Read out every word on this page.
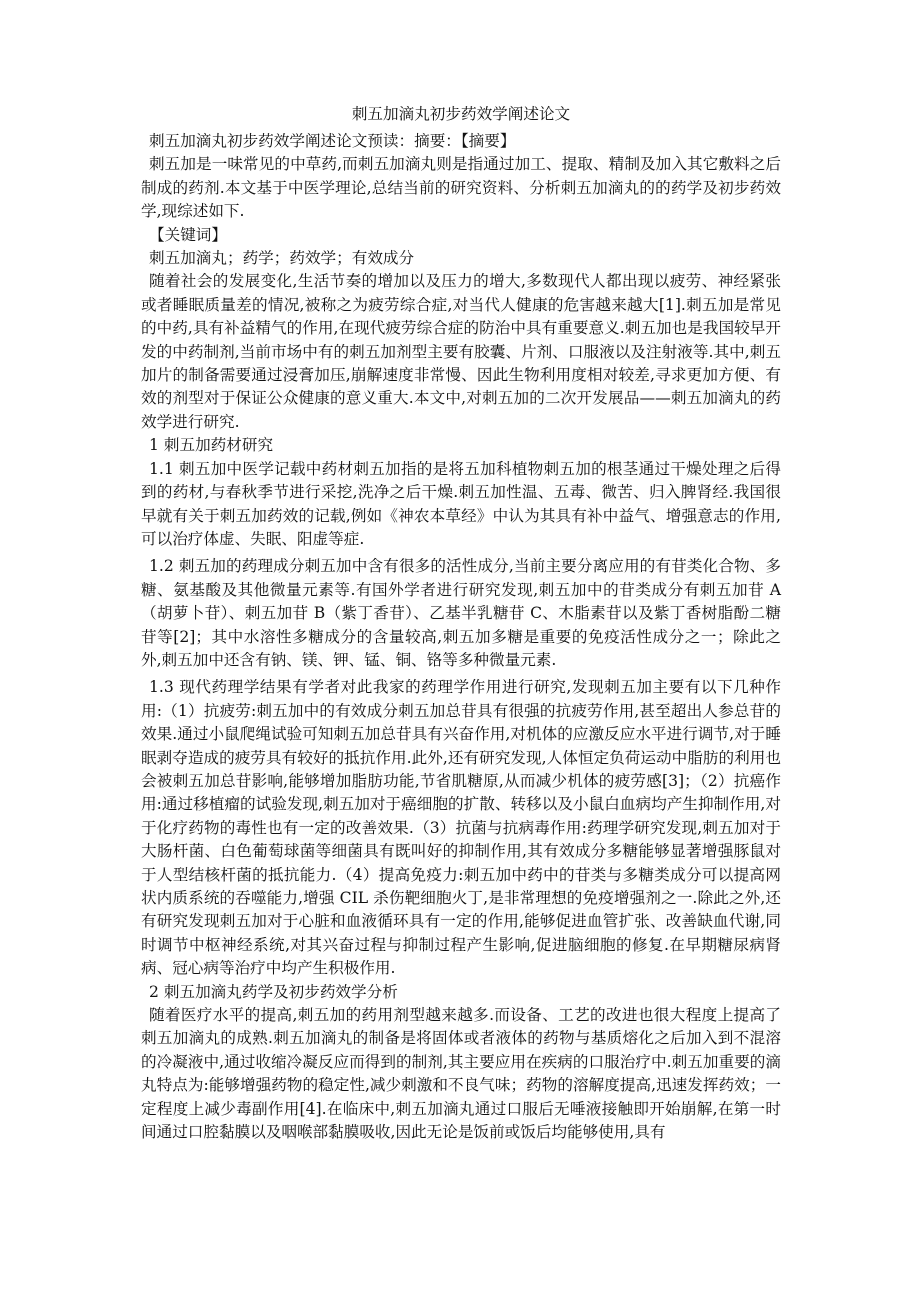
刺五加滴丸初步药效学阐述论文

刺五加滴丸初步药效学阐述论文预读：摘要：【摘要】

刺五加是一味常见的中草药,而刺五加滴丸则是指通过加工、提取、精制及加入其它敷料之后制成的药剂.本文基于中医学理论,总结当前的研究资料、分析刺五加滴丸的的药学及初步药效学,现综述如下.

【关键词】

刺五加滴丸；药学；药效学；有效成分

随着社会的发展变化,生活节奏的增加以及压力的增大,多数现代人都出现以疲劳、神经紧张或者睡眠质量差的情况,被称之为疲劳综合症,对当代人健康的危害越来越大[1].刺五加是常见的中药,具有补益精气的作用,在现代疲劳综合症的防治中具有重要意义.刺五加也是我国较早开发的中药制剂,当前市场中有的刺五加剂型主要有胶囊、片剂、口服液以及注射液等.其中,刺五加片的制备需要通过浸膏加压,崩解速度非常慢、因此生物利用度相对较差,寻求更加方便、有效的剂型对于保证公众健康的意义重大.本文中,对刺五加的二次开发展品——刺五加滴丸的药效学进行研究.

1 刺五加药材研究

1.1 刺五加中医学记载中药材刺五加指的是将五加科植物刺五加的根茎通过干燥处理之后得到的药材,与春秋季节进行采挖,洗净之后干燥.刺五加性温、五毒、微苦、归入脾肾经.我国很早就有关于刺五加药效的记载,例如《神农本草经》中认为其具有补中益气、增强意志的作用,可以治疗体虚、失眠、阳虚等症.

1.2 刺五加的药理成分刺五加中含有很多的活性成分,当前主要分离应用的有苷类化合物、多糖、氨基酸及其他微量元素等.有国外学者进行研究发现,刺五加中的苷类成分有刺五加苷 A（胡萝卜苷）、刺五加苷 B（紫丁香苷）、乙基半乳糖苷 C、木脂素苷以及紫丁香树脂酚二糖苷等[2]；其中水溶性多糖成分的含量较高,刺五加多糖是重要的免疫活性成分之一；除此之外,刺五加中还含有钠、镁、钾、锰、铜、铬等多种微量元素.

1.3 现代药理学结果有学者对此我家的药理学作用进行研究,发现刺五加主要有以下几种作用:（1）抗疲劳:刺五加中的有效成分刺五加总苷具有很强的抗疲劳作用,甚至超出人参总苷的效果.通过小鼠爬绳试验可知刺五加总苷具有兴奋作用,对机体的应激反应水平进行调节,对于睡眠剥夺造成的疲劳具有较好的抵抗作用.此外,还有研究发现,人体恒定负荷运动中脂肪的利用也会被刺五加总苷影响,能够增加脂肪功能,节省肌糖原,从而减少机体的疲劳感[3]；（2）抗癌作用:通过移植瘤的试验发现,刺五加对于癌细胞的扩散、转移以及小鼠白血病均产生抑制作用,对于化疗药物的毒性也有一定的改善效果.（3）抗菌与抗病毒作用:药理学研究发现,刺五加对于大肠杆菌、白色葡萄球菌等细菌具有既叫好的抑制作用,其有效成分多糖能够显著增强豚鼠对于人型结核杆菌的抵抗能力.（4）提高免疫力:刺五加中药中的苷类与多糖类成分可以提高网状内质系统的吞噬能力,增强 CIL 杀伤靶细胞火丁,是非常理想的免疫增强剂之一.除此之外,还有研究发现刺五加对于心脏和血液循环具有一定的作用,能够促进血管扩张、改善缺血代谢,同时调节中枢神经系统,对其兴奋过程与抑制过程产生影响,促进脑细胞的修复.在早期糖尿病肾病、冠心病等治疗中均产生积极作用.

2 刺五加滴丸药学及初步药效学分析

随着医疗水平的提高,刺五加的药用剂型越来越多.而设备、工艺的改进也很大程度上提高了刺五加滴丸的成熟.刺五加滴丸的制备是将固体或者液体的药物与基质熔化之后加入到不混溶的冷凝液中,通过收缩冷凝反应而得到的制剂,其主要应用在疾病的口服治疗中.刺五加重要的滴丸特点为:能够增强药物的稳定性,减少刺激和不良气味；药物的溶解度提高,迅速发挥药效；一定程度上减少毒副作用[4].在临床中,刺五加滴丸通过口服后无唾液接触即开始崩解,在第一时间通过口腔黏膜以及咽喉部黏膜吸收,因此无论是饭前或饭后均能够使用,具有
